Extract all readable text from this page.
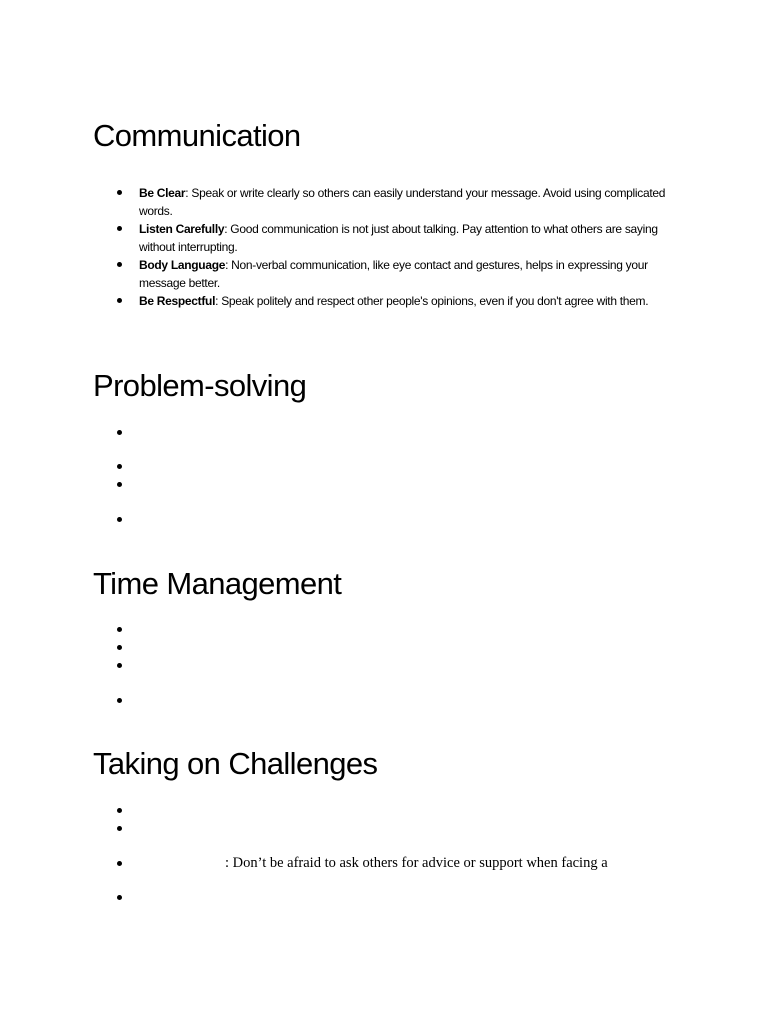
Communication
Be Clear: Speak or write clearly so others can easily understand your message. Avoid using complicated words.
Listen Carefully: Good communication is not just about talking. Pay attention to what others are saying without interrupting.
Body Language: Non-verbal communication, like eye contact and gestures, helps in expressing your message better.
Be Respectful: Speak politely and respect other people's opinions, even if you don't agree with them.
Problem-solving
Time Management
Taking on Challenges
: Don’t be afraid to ask others for advice or support when facing a
